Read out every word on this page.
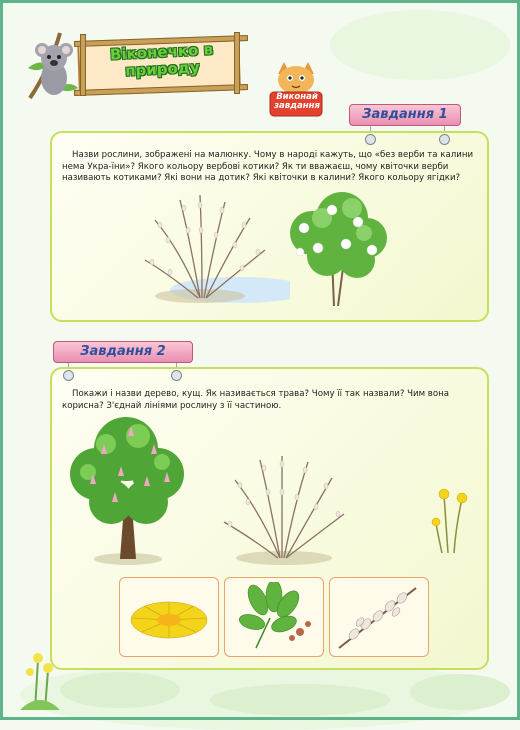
Віконечко в природу
Виконай завдання
Завдання 1
Назви рослини, зображені на малюнку. Чому в народі кажуть, що «без верби та калини нема Укра-їни»? Якого кольору вербові котики? Як ти вважаєш, чому квіточки верби називають котиками? Які вони на дотик? Які квіточки в калини? Якого кольору ягідки?
Завдання 2
Покажи і назви дерево, кущ. Як називається трава? Чому її так назвали? Чим вона корисна? З'єднай лініями рослину з її частиною.
